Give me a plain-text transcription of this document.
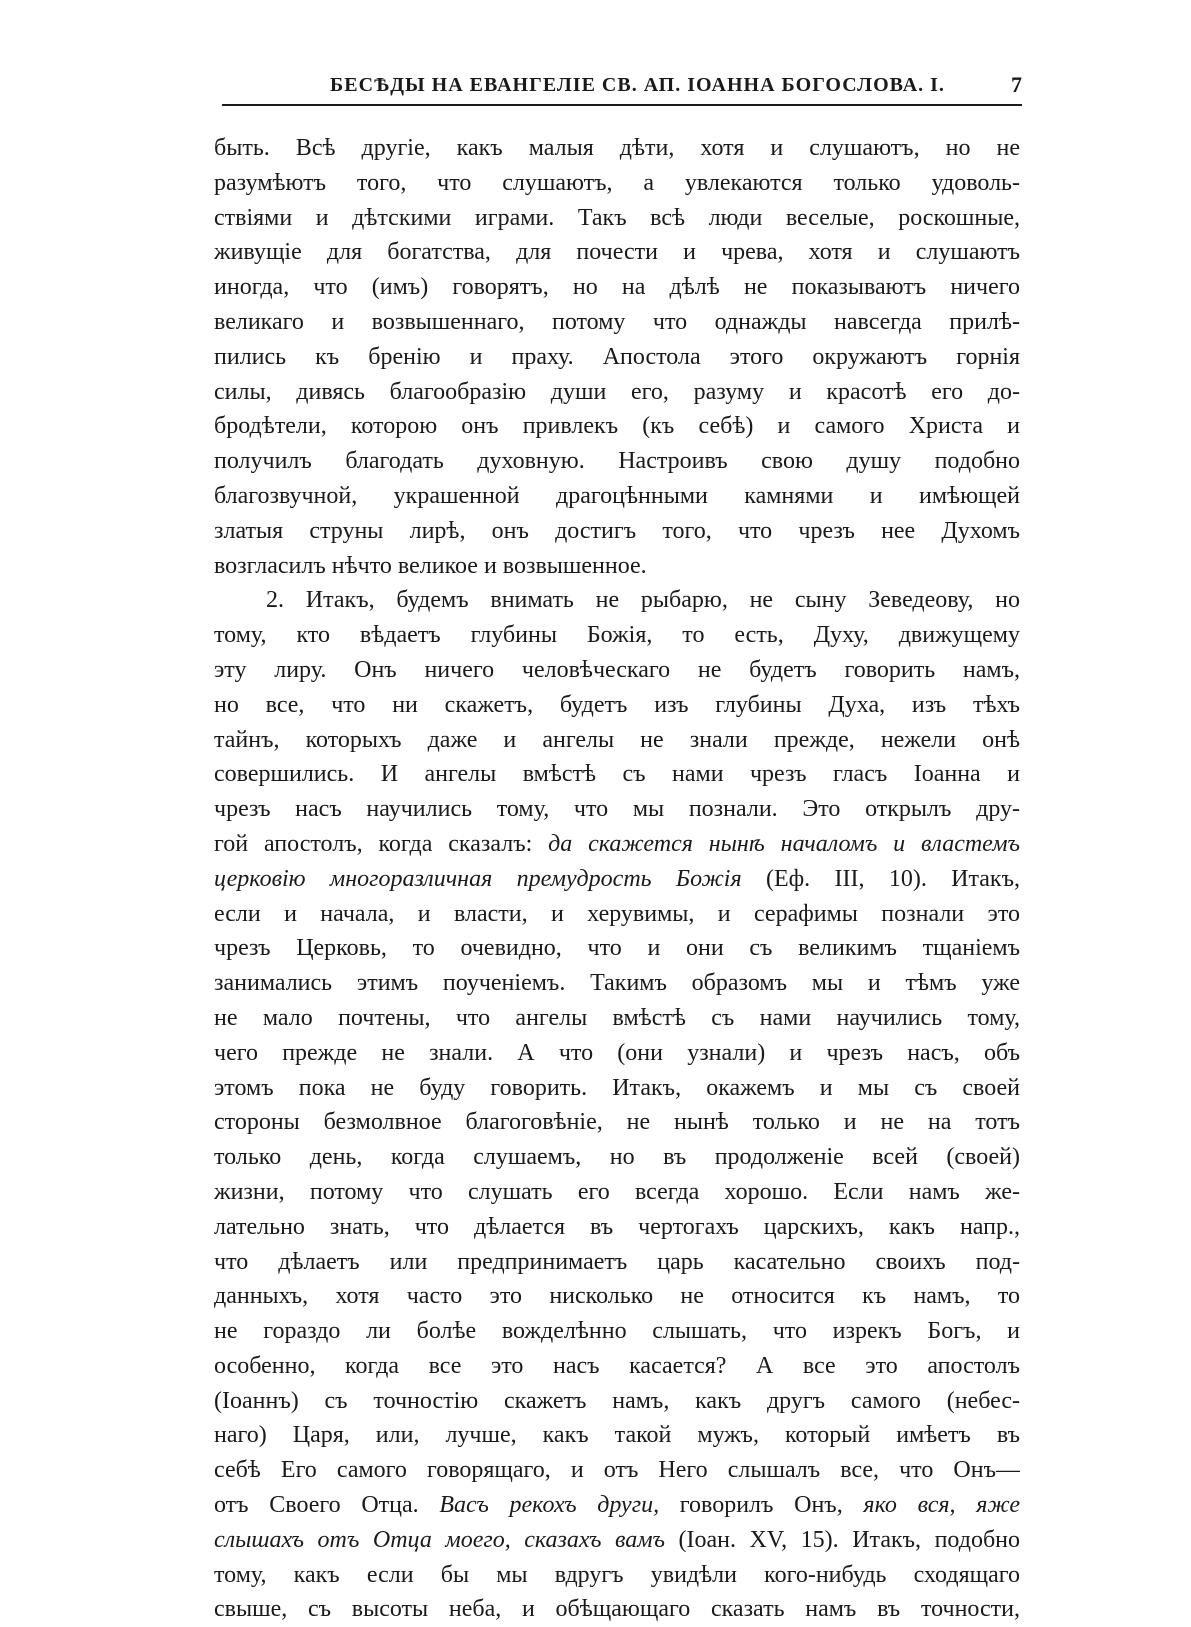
БЕСѢДЫ НА ЕВАНГЕЛІЕ СВ. АП. ІОАННА БОГОСЛОВА. I.	7
быть. Всѣ другіе, какъ малыя дѣти, хотя и слушаютъ, но не
разумѣютъ того, что слушаютъ, а увлекаются только удоволь-
ствіями и дѣтскими играми. Такъ всѣ люди веселые, роскошные,
живущіе для богатства, для почести и чрева, хотя и слушаютъ
иногда, что (имъ) говорятъ, но на дѣлѣ не показываютъ ничего
великаго и возвышеннаго, потому что однажды навсегда прилѣ-
пились къ бренію и праху. Апостола этого окружаютъ горнія
силы, дивясь благообразію души его, разуму и красотѣ его до-
бродѣтели, которою онъ привлекъ (къ себѣ) и самого Христа и
получилъ благодать духовную. Настроивъ свою душу подобно
благозвучной, украшенной драгоцѣнными камнями и имѣющей
златыя струны лирѣ, онъ достигъ того, что чрезъ нее Духомъ
возгласилъ нѣчто великое и возвышенное.
2. Итакъ, будемъ внимать не рыбарю, не сыну Зеведеову, но
тому, кто вѣдаетъ глубины Божія, то есть, Духу, движущему
эту лиру. Онъ ничего человѣческаго не будетъ говорить намъ,
но все, что ни скажетъ, будетъ изъ глубины Духа, изъ тѣхъ
тайнъ, которыхъ даже и ангелы не знали прежде, нежели онѣ
совершились. И ангелы вмѣстѣ съ нами чрезъ гласъ Іоанна и
чрезъ насъ научились тому, что мы познали. Это открылъ дру-
гой апостолъ, когда сказалъ: да скажется нынѣ началомъ и властемъ
церковію многоразличная премудрость Божія (Еф. III, 10). Итакъ,
если и начала, и власти, и херувимы, и серафимы познали это
чрезъ Церковь, то очевидно, что и они съ великимъ тщаніемъ
занимались этимъ поученіемъ. Такимъ образомъ мы и тѣмъ уже
не мало почтены, что ангелы вмѣстѣ съ нами научились тому,
чего прежде не знали. А что (они узнали) и чрезъ насъ, объ
этомъ пока не буду говорить. Итакъ, окажемъ и мы съ своей
стороны безмолвное благоговѣніе, не нынѣ только и не на тотъ
только день, когда слушаемъ, но въ продолженіе всей (своей)
жизни, потому что слушать его всегда хорошо. Если намъ же-
лательно знать, что дѣлается въ чертогахъ царскихъ, какъ напр.,
что дѣлаетъ или предпринимаетъ царь касательно своихъ под-
данныхъ, хотя часто это нисколько не относится къ намъ, то
не гораздо ли болѣе вожделѣнно слышать, что изрекъ Богъ, и
особенно, когда все это насъ касается? А все это апостолъ
(Іоаннъ) съ точностію скажетъ намъ, какъ другъ самого (небес-
наго) Царя, или, лучше, какъ такой мужъ, который имѣетъ въ
себѣ Его самого говорящаго, и отъ Него слышалъ все, что Онъ—
отъ Своего Отца. Васъ рекохъ други, говорилъ Онъ, яко вся, яже
слышахъ отъ Отца моего, сказахъ вамъ (Іоан. XV, 15). Итакъ, подобно
тому, какъ если бы мы вдругъ увидѣли кого-нибудь сходящаго
свыше, съ высоты неба, и обѣщающаго сказать намъ въ точности,
